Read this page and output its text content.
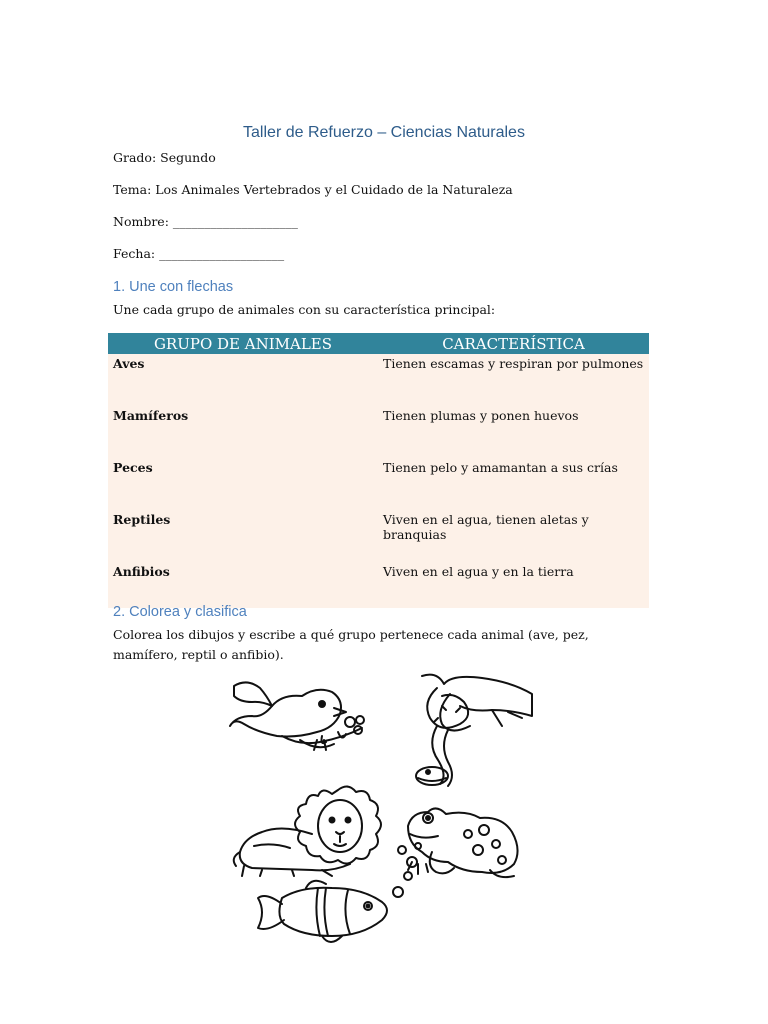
Taller de Refuerzo – Ciencias Naturales
Grado: Segundo
Tema: Los Animales Vertebrados y el Cuidado de la Naturaleza
Nombre: ____________________
Fecha: ____________________
1. Une con flechas
Une cada grupo de animales con su característica principal:
GRUPO DE ANIMALES	CARACTERÍSTICA
Aves	Tienen escamas y respiran por pulmones
Mamíferos	Tienen plumas y ponen huevos
Peces	Tienen pelo y amamantan a sus crías
Reptiles	Viven en el agua, tienen aletas y branquias
Anfibios	Viven en el agua y en la tierra
2. Colorea y clasifica
Colorea los dibujos y escribe a qué grupo pertenece cada animal (ave, pez, mamífero, reptil o anfibio).
